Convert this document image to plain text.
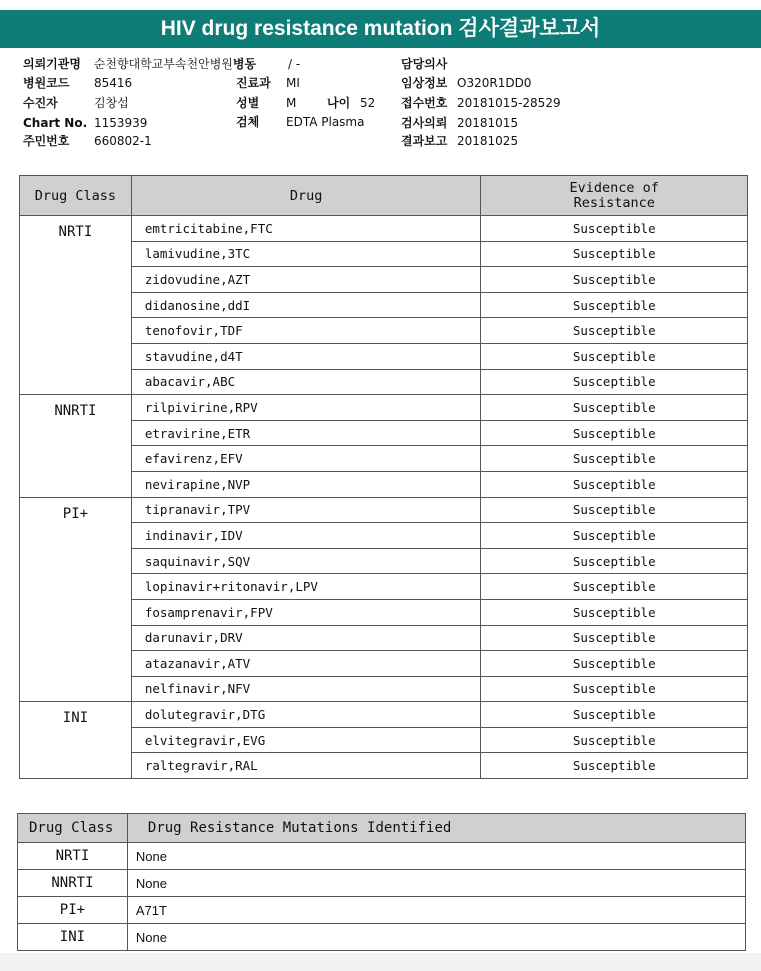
HIV drug resistance mutation 검사결과보고서
의뢰기관명 순천향대학교부속천안병원병동	/ -	담당의사
병원코드 85416	진료과 MI	임상정보 O320R1DD0
수진자	김창섭	성별 M	나이 52 접수번호 20181015-28529
Chart No. 1153939	검체 EDTA Plasma	검사의뢰 20181015
주민번호 660802-1	결과보고 20181025
Drug Class	Drug	Evidence of
Resistance

NRTI	emtricitabine,FTC	Susceptible
	lamivudine,3TC	Susceptible
	zidovudine,AZT	Susceptible
	didanosine,ddI	Susceptible
	tenofovir,TDF	Susceptible
	stavudine,d4T	Susceptible
	abacavir,ABC	Susceptible
NNRTI	rilpivirine,RPV	Susceptible
	etravirine,ETR	Susceptible
	efavirenz,EFV	Susceptible
	nevirapine,NVP	Susceptible
PI+	tipranavir,TPV	Susceptible
	indinavir,IDV	Susceptible
	saquinavir,SQV	Susceptible
	lopinavir+ritonavir,LPV	Susceptible
	fosamprenavir,FPV	Susceptible
	darunavir,DRV	Susceptible
	atazanavir,ATV	Susceptible
	nelfinavir,NFV	Susceptible
INI	dolutegravir,DTG	Susceptible
	elvitegravir,EVG	Susceptible
	raltegravir,RAL	Susceptible
Drug Class	Drug Resistance Mutations Identified
NRTI	None
NNRTI	None
PI+	A71T
INI	None
